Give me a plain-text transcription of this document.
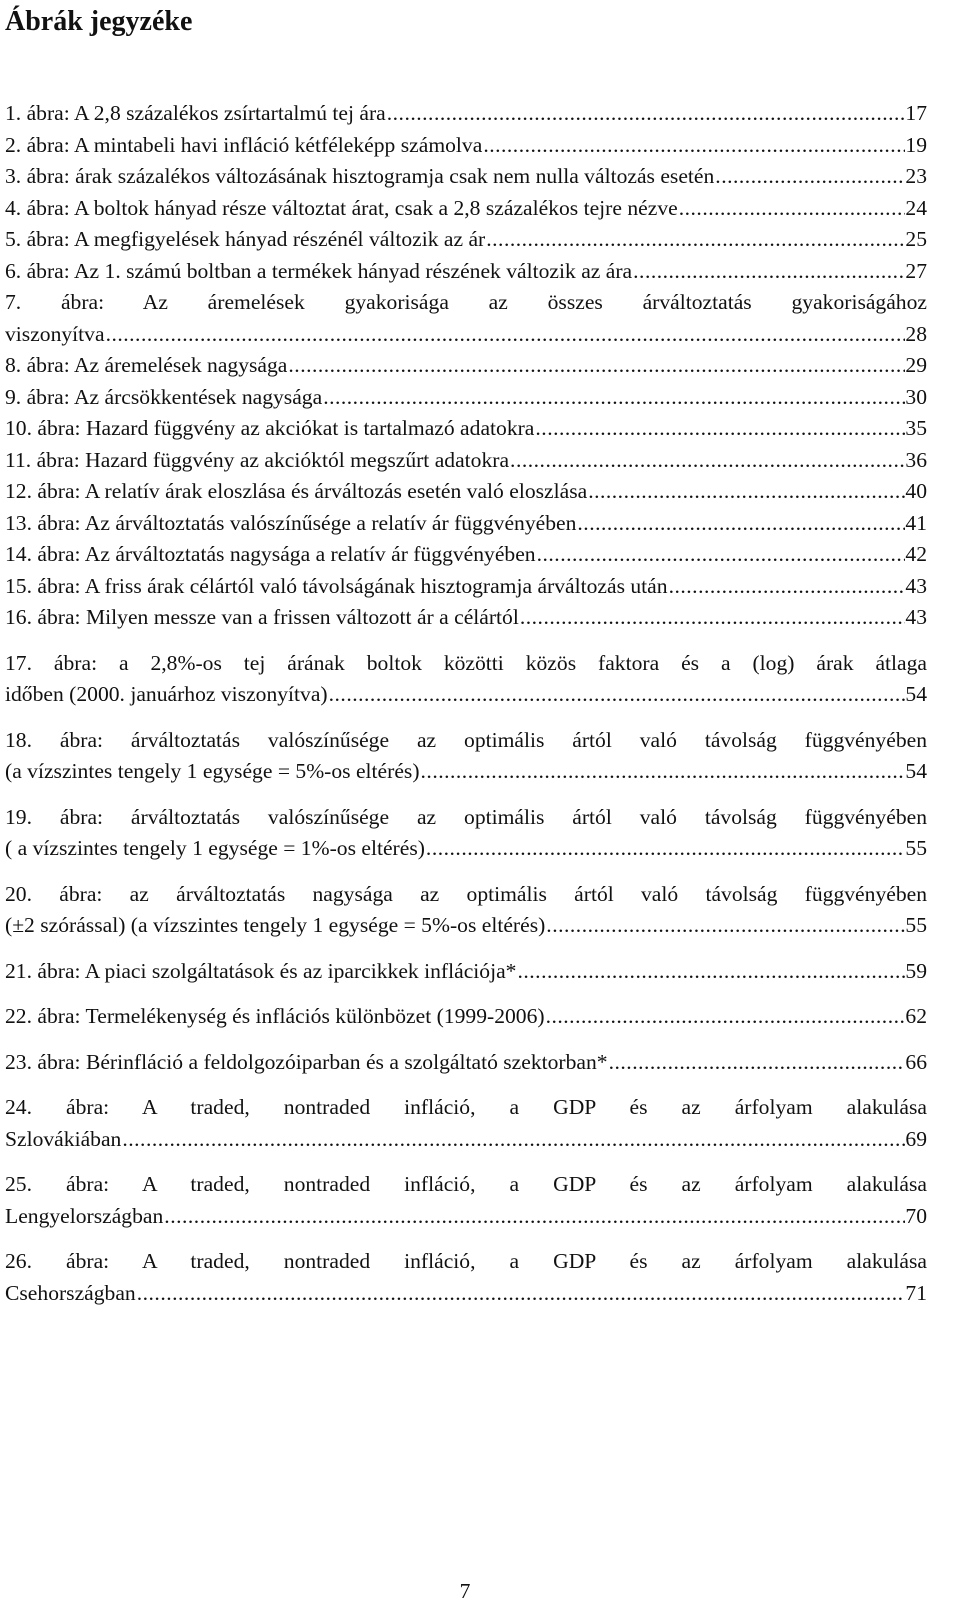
Ábrák jegyzéke
1. ábra: A 2,8 százalékos zsírtartalmú tej ára .....	17
2. ábra: A mintabeli havi infláció kétféleképp számolva .....	19
3. ábra: árak százalékos változásának hisztogramja csak nem nulla változás esetén .....	23
4. ábra: A boltok hányad része változtat árat, csak a 2,8 százalékos tejre nézve .....	24
5. ábra: A megfigyelések hányad részénél változik az ár .....	25
6. ábra: Az 1. számú boltban a termékek hányad részének változik az ára .....	27
7. ábra: Az áremelések gyakorisága az összes árváltoztatás gyakoriságához
viszonyítva .....	28
8. ábra: Az áremelések nagysága .....	29
9. ábra: Az árcsökkentések nagysága .....	30
10. ábra: Hazard függvény az akciókat is tartalmazó adatokra .....	35
11. ábra: Hazard függvény az akcióktól megszűrt adatokra .....	36
12. ábra: A relatív árak eloszlása és árváltozás esetén való eloszlása .....	40
13. ábra: Az árváltoztatás valószínűsége a relatív ár függvényében .....	41
14. ábra: Az árváltoztatás nagysága a relatív ár függvényében .....	42
15. ábra: A friss árak célártól való távolságának hisztogramja árváltozás után .....	43
16. ábra: Milyen messze van a frissen változott ár a célártól .....	43
17. ábra: a 2,8%-os tej árának boltok közötti közös faktora és a (log) árak átlaga
időben (2000. januárhoz viszonyítva) .....	54
18. ábra: árváltoztatás valószínűsége az optimális ártól való távolság függvényében
(a vízszintes tengely 1 egysége = 5%-os eltérés) .....	54
19. ábra: árváltoztatás valószínűsége az optimális ártól való távolság függvényében
( a vízszintes tengely 1 egysége = 1%-os eltérés) .....	55
20. ábra: az árváltoztatás nagysága az optimális ártól való távolság függvényében
(±2 szórással) (a vízszintes tengely 1 egysége = 5%-os eltérés) .....	55
21. ábra: A piaci szolgáltatások és az iparcikkek inflációja* .....	59
22. ábra: Termelékenység és inflációs különbözet (1999-2006) .....	62
23. ábra: Bérinfláció a feldolgozóiparban és a szolgáltató szektorban* .....	66
24. ábra: A traded, nontraded infláció, a GDP és az árfolyam alakulása
Szlovákiában .....	69
25. ábra: A traded, nontraded infláció, a GDP és az árfolyam alakulása
Lengyelországban .....	70
26. ábra: A traded, nontraded infláció, a GDP és az árfolyam alakulása
Csehországban .....	71
7
